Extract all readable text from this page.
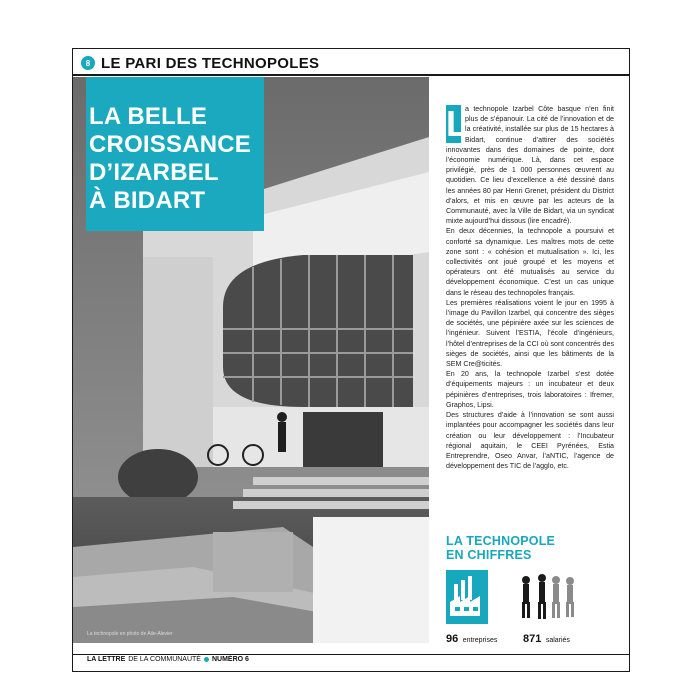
8 LE PARI DES TECHNOPOLES
La technopole en photo de Aile-Alevier
LA BELLE
CROISSANCE
D’IZARBEL
À BIDART

L
a technopole Izarbel Côte basque n’en finit plus de s’épanouir. La cité de l’innovation et de la créativité, installée sur plus de 15 hectares à Bidart, continue d’attirer des sociétés innovantes dans des domaines de pointe, dont l’économie numérique. Là, dans cet espace privilégié, près de 1 000 personnes œuvrent au quotidien. Ce lieu d’excellence a été dessiné dans les années 80 par Henri Grenet, président du District d’alors, et mis en œuvre par les acteurs de la Communauté, avec la Ville de Bidart, via un syndicat mixte aujourd’hui dissous (lire encadré).

En deux décennies, la technopole a poursuivi et conforté sa dynamique. Les maîtres mots de cette zone sont : « cohésion et mutualisation ». Ici, les collectivités ont joué groupé et les moyens et opérateurs ont été mutualisés au service du développement économique. C’est un cas unique dans le réseau des technopoles français.

Les premières réalisations voient le jour en 1995 à l’image du Pavillon Izarbel, qui concentre des sièges de sociétés, une pépinière axée sur les sciences de l’ingénieur. Suivent l’ESTIA, l’école d’ingénieurs, l’hôtel d’entreprises de la CCI où sont concentrés des sièges de sociétés, ainsi que les bâtiments de la SEM Cre@ticités.

En 20 ans, la technopole Izarbel s’est dotée d’équipements majeurs : un incubateur et deux pépinières d’entreprises, trois laboratoires : Ifremer, Graphos, Lipsi.

Des structures d’aide à l’innovation se sont aussi implantées pour accompagner les sociétés dans leur création ou leur développement : l’Incubateur régional aquitain, le CEEI Pyrénées, Estia Entreprendre, Oseo Anvar, l’aNTIC, l’agence de développement des TIC de l’agglo, etc.

LA TECHNOPOLE
EN CHIFFRES
96 entreprises 871 salariés
LA LETTRE DE LA COMMUNAUTÉ NUMÉRO 6
